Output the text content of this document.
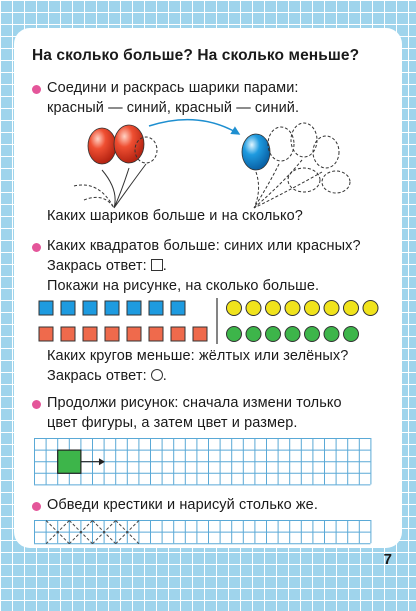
На сколько больше? На сколько меньше?
Соедини и раскрась шарики парами:
красный — синий, красный — синий.
Каких шариков больше и на сколько?
Каких квадратов больше: синих или красных?
Закрась ответ: .
Покажи на рисунке, на сколько больше.
Каких кругов меньше: жёлтых или зелёных?
Закрась ответ: .
Продолжи рисунок: сначала измени только
цвет фигуры, а затем цвет и размер.
Обведи крестики и нарисуй столько же.
7
